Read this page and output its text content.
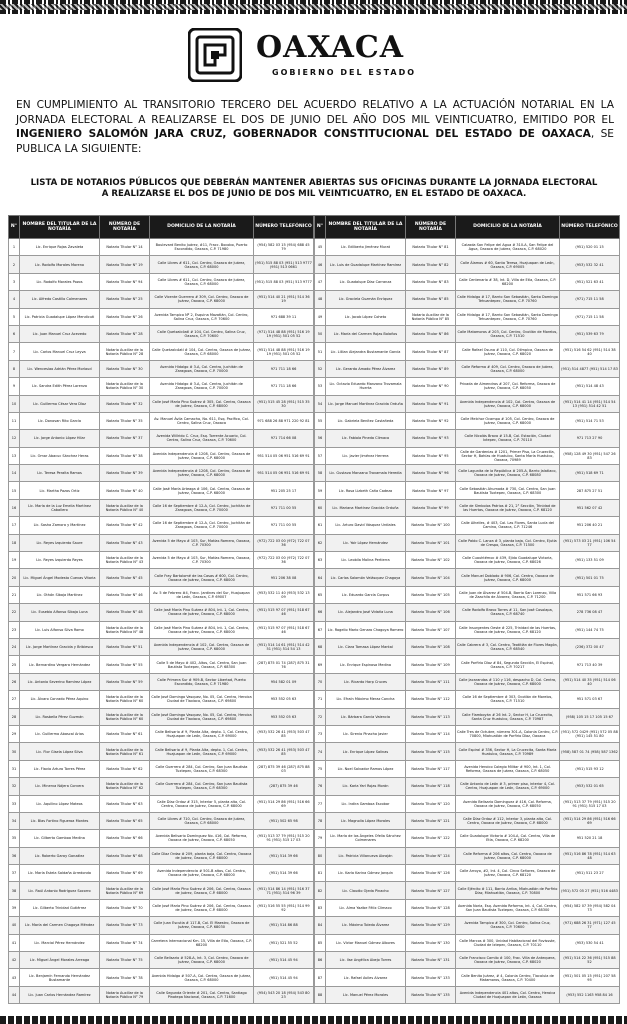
OAXACA
GOBIERNO DEL ESTADO
EN CUMPLIMIENTO AL TRANSITORIO TERCERO DEL ACUERDO RELATIVO A LA ACTUACIÓN NOTARIAL EN LA JORNADA ELECTORAL A REALIZARSE EL DOS DE JUNIO DEL AÑO DOS MIL VEINTICUATRO, EMITIDO POR EL INGENIERO SALOMÓN JARA CRUZ, GOBERNADOR CONSTITUCIONAL DEL ESTADO DE OAXACA, SE PUBLICA LA SIGUIENTE:
LISTA DE NOTARIOS PÚBLICOS QUE DEBERÁN MANTENER ABIERTAS SUS OFICINAS DURANTE LA JORNADA ELECTORAL A REALIZARSE EL DOS DE JUNIO DE DOS MIL VEINTICUATRO, EN EL ESTADO DE OAXACA.
N°	NOMBRE DEL TITULAR DE LA NOTARÍA	NÚMERO DE NOTARÍA	DOMICILIO DE LA NOTARÍA	NÚMERO TELEFÓNICO
1	Lic. Enrique Rojas Zavaleta	Notario Titular N° 14	Boulevard Benito Juárez, #11, Fracc. Bocobo, Puerto Escondido, Oaxaca, C.P. 71980	(954) 582 03 15 (954) 688 45 79
2	Lic. Rodolfo Morales Moreno	Notario Titular N° 19	Calle Libres # 611, Col. Centro, Oaxaca de Juárez, Oaxaca, C.P. 68000	(951) 515 88 03 (951) 513 9777 (951) 513 0661
3	Lic. Rodolfo Morales Pozos	Notario Titular N° 94	Calle Libres # 611, Col. Centro, Oaxaca de Juárez, Oaxaca, C.P. 68000	(951) 515 88 03 (951) 513 9777
4	Lic. Alfredo Castillo Colmenares	Notario Titular N° 25	Calle Vicente Guerrero # 309, Col. Centro, Oaxaca de Juárez, Oaxaca, C.P. 68000	(951) 514 40 21 (951) 514 36 19
5	Lic. Patricia Guadalupe López Mendicuti	Notario Titular N° 26	Avenida Tampico Nº 2, Esquina Mazatlán, Col. Centro, Salina Cruz, Oaxaca, C.P. 70600	971 688 39 11
6	Lic. Juan Manuel Cruz Acevedo	Notario Titular N° 28	Calle Quetzalcóatl # 104, Col. Centro, Salina Cruz, Oaxaca, C.P. 70600	(971) 514 48 88 (951) 516 19 19 (951) 501 05 52
7	Lic. Carlos Manuel Cruz Leyva	Notario Auxiliar de la Notaría Pública N° 28	Calle Quetzalcóatl # 104, Col. Centro, Oaxaca de Juárez, Oaxaca, C.P. 68000	(951) 514 48 88 (951) 516 19 19 (951) 501 05 52
8	Lic. Wenceslao Adrián Pérez Morlaud	Notario Titular N° 30	Avenida Hidalgo # 3-A, Col. Centro, Juchitán de Zaragoza, Oaxaca, C.P. 70000	971 711 18 66
9	Lic. Sandra Edith Pérez Lorenzo	Notario Auxiliar de la Notaría Pública N° 30	Avenida Hidalgo # 3-A, Col. Centro, Juchitán de Zaragoza, Oaxaca, C.P. 70000	971 711 18 66
10	Lic. Guillermo César Vera Díaz	Notario Titular N° 32	Calle José María Pino Suárez # 305, Col. Centro, Oaxaca de Juárez, Oaxaca, C.P. 68000	(951) 515 45 28 (951) 515 35 30
11	Lic. Donovan Rito García	Notario Titular N° 35	Av. Manuel Ávila Camacho, No. 611, Esq. Pacífico, Col. Centro, Salina Cruz, Oaxaca	971 688 26 88 971 220 92 81
12	Lic. Jorge Antonio López Hilar	Notario Titular N° 37	Avenida Willrido C. Cruz, Esq. Torrente Acuario, Col. Centro, Salina Cruz, Oaxaca, C.P. 70600	971 714 66 08
13	Lic. Omar Abacuc Sánchez Heras	Notario Titular N° 38	Avenida Independencia # 1208, Col. Centro, Oaxaca de Juárez, Oaxaca, C.P. 68000	951 514 05 06 951 516 69 91
14	Lic. Teresa Peralta Ramos	Notario Titular N° 39	Avenida Independencia # 1208, Col. Centro, Oaxaca de Juárez, Oaxaca, C.P. 68000	951 514 05 06 951 516 69 91
15	Lic. Martha Pazos Ortiz	Notario Titular N° 40	Calle José María Arteaga # 106, Col. Centro, Oaxaca de Juárez, Oaxaca, C.P. 68000	951 205 25 17
16	Lic. María de la Luz Emelia Martínez Caballero	Notario Auxiliar de la Notaría Pública N° 40	Calle 16 de Septiembre # 12-A, Col. Centro, Juchitán de Zaragoza, Oaxaca, C.P. 70000	971 711 00 55
17	Lic. Sasha Zamora y Martínez	Notario Titular N° 42	Calle 16 de Septiembre # 12-A, Col. Centro, Juchitán de Zaragoza, Oaxaca, C.P. 70000	971 711 00 55
18	Lic. Reyes Izquierdo Saure	Notario Titular N° 43	Avenida 5 de Mayo # 103, Sur, Matías Romero, Oaxaca, C.P. 70300	(972) 722 03 00 (972) 722 07 36
19	Lic. Reyes Izquierdo Reyes	Notario Auxiliar de la Notaría Pública N° 43	Avenida 5 de Mayo # 103, Sur, Matías Romero, Oaxaca, C.P. 70300	(972) 722 03 00 (972) 722 07 36
20	Lic. Miguel Ángel Modesto Cuevas Vitoria	Notario Titular N° 45	Calle Fray Bartolomé de las Casas # 600, Col. Centro, Oaxaca de Juárez, Oaxaca, C.P. 68000	951 206 38 08
21	Lic. Othón Sibaja Martínez	Notario Titular N° 46	Av. 5 de Febrero #4, Fracc. Jardines del Sur, Huajuapan de León, Oaxaca, C.P. 69007	(953) 532 11 40 (953) 532 13 09
22	Lic. Eusebio Alfonso Sibaja Luna	Notario Titular N° 48	Calle José María Pino Suárez # 804, Int. 1, Col. Centro, Oaxaca de Juárez, Oaxaca, C.P. 68000	(951) 515 97 07 (951) 518 67 46
23	Lic. Luis Alfonso Silva Romo	Notario Auxiliar de la Notaría Pública N° 48	Calle José María Pino Suárez # 804, Int. 1, Col. Centro, Oaxaca de Juárez, Oaxaca, C.P. 68000	(951) 515 97 07 (951) 518 67 46
24	Lic. Jorge Martínez Gracida y Bribiesca	Notario Titular N° 51	Avenida Independencia # 102, Col. Centro, Oaxaca de Juárez, Oaxaca, C.P. 68000	(951) 514 14 61 (951) 514 42 51 (951) 514 54 13
25	Lic. Bernardino Vergara Hernández	Notario Titular N° 55	Calle 5 de Mayo # 402, Altos, Col. Centro, San Juan Bautista Tuxtepec, Oaxaca, C.P. 68300	(287) 875 01 74 (287) 875 31 76
26	Lic. Antonio Severino Ramírez López	Notario Titular N° 59	Calle Primera Sur # 909-B, Sector Libertad, Puerto Escondido, Oaxaca, C.P. 71980	954 582 01 09
27	Lic. Álvaro Conrado Pérez Aquino	Notario Auxiliar de la Notaría Pública N° 60	Calle José Domingo Vasquez, No. 05, Col. Centro, Heroica Ciudad de Tlaxiaco, Oaxaca, C.P. 69800	953 552 05 63
28	Lic. Rosbella Pérez Guzmán	Notario Auxiliar de la Notaría Pública N° 60	Calle José Domingo Vasquez, No. 05, Col. Centro, Heroica Ciudad de Tlaxiaco, Oaxaca, C.P. 69800	953 552 05 63
29	Lic. Guillermo Abascal Arias	Notario Titular N° 61	Calle Belisario # 9, Planta Alta, depto. 1, Col. Centro, Huajuapan de León, Oaxaca, C.P. 69000	(953) 532 26 41 (953) 503 47 85
30	Lic. Flor Gisela López Silva	Notario Auxiliar de la Notaría Pública N° 61	Calle Belisario # 9, Planta Alta, depto. 1, Col. Centro, Huajuapan de León, Oaxaca, C.P. 69000	(953) 532 26 41 (953) 503 47 85
31	Lic. Flavio Arturo Torres Pérez	Notario Titular N° 62	Calle Guerrero # 284, Col. Centro, San Juan Bautista Tuxtepec, Oaxaca, C.P. 68300	(287) 875 39 46 (287) 875 88 03
32	Lic. Minerva Nájera Corvera	Notario Auxiliar de la Notaría Pública N° 62	Calle Guerrero # 284, Col. Centro, San Juan Bautista Tuxtepec, Oaxaca, C.P. 68300	(287) 875 39 46
33	Lic. Aquilino López Mateos	Notario Titular N° 63	Calle Díaz Ordaz # 315, Interior 5, planta alta, Col. Centro, Oaxaca de Juárez, Oaxaca, C.P. 68000	(951) 514 29 86 (951) 516 66 69
34	Lic. Blas Fortino Figueroa Montes	Notario Titular N° 65	Calle Libres # 710, Col. Centro, Oaxaca de Juárez, Oaxaca, C.P. 68000	(951) 502 65 98
35	Lic. Gilberto Gamboa Medina	Notario Titular N° 66	Avenida Belisario Domínguez No. 416, Col. Reforma, Oaxaca de Juárez, Oaxaca, C.P. 68050	(951) 513 37 79 (951) 515 20 91 (951) 515 17 03
36	Lic. Roberto Garay González	Notario Titular N° 68	Calle Díaz Ordaz # 209, planta baja, Col. Centro, Oaxaca de Juárez, Oaxaca, C.P. 68000	(951) 514 39 66
37	Lic. María Estela Saldaña Arredondo	Notario Titular N° 69	Avenida Independencia # 501-B altos, Col. Centro, Oaxaca de Juárez, Oaxaca, C.P. 68000	(951) 514 39 66
38	Lic. Raúl Antonio Rodríguez Socorro	Notario Auxiliar de la Notaría Pública N° 69	Calle José María Pino Suárez # 206, Col. Centro, Oaxaca de Juárez, Oaxaca, C.P. 68000	(951) 514 86 14 (951) 516 37 71 (951) 514 96 39
39	Lic. Gilberto Trinidad Gutiérrez	Notario Titular N° 70	Calle José María Pino Suárez # 206, Col. Centro, Oaxaca de Juárez, Oaxaca, C.P. 68000	(951) 516 55 55 (951) 514 99 92
40	Lic. María del Carmen Chagoya Méndez	Notario Titular N° 73	Calle Juan Escutia # 117-B, Col. El Maestro, Oaxaca de Juárez, Oaxaca, C.P. 68030	(951) 514 86 88
41	Lic. Marcial Pérez Hernández	Notario Titular N° 74	Carretera Internacional Km. 15, Villa de Etla, Oaxaca, C.P. 68200	(951) 521 55 52
42	Lic. Miguel Ángel Morales Arreaga	Notario Titular N° 75	Calle Belisario # 528-A, Int. 3, Col. Centro, Oaxaca de Juárez, Oaxaca, C.P. 68000	(951) 514 45 94
43	Lic. Benjamín Fernando Hernández Bustamante	Notario Titular N° 78	Avenida Hidalgo # 507-A, Col. Centro, Oaxaca de Juárez, Oaxaca, C.P. 68000	(951) 514 45 94
44	Lic. Juan Carlos Hernández Ramírez	Notario Auxiliar de la Notaría Pública N° 79	Calle Segunda Oriente # 201, Col. Centro, Santiago Pinotepa Nacional, Oaxaca, C.P. 71600	(954) 543 20 18 (954) 543 80 23
N°	NOMBRE DEL TITULAR DE LA NOTARÍA	NÚMERO DE NOTARÍA	DOMICILIO DE LA NOTARÍA	NÚMERO TELEFÓNICO
45	Lic. Edilberto Jiménez Murat	Notario Titular N° 81	Calzada San Felipe del Agua # 310-A, San Felipe del Agua, Oaxaca de Juárez, Oaxaca, C.P. 68020	(951) 520 01 15
46	Lic. Luis de Guadalupe Martínez Ramírez	Notario Titular N° 82	Calle Álamos # 60, Santa Teresa, Huajuapan de León, Oaxaca, C.P. 69005	(953) 532 32 41
47	Lic. Guadalupe Díaz Carranza	Notario Titular N° 83	Calle Centenario # 38, Int. D, Villa de Etla, Oaxaca, C.P. 68200	(951) 521 63 41
48	Lic. Graciela Guzmán Enríquez	Notario Titular N° 85	Calle Hidalgo # 17, Barrio San Sebastián, Santo Domingo Tehuantepec, Oaxaca, C.P. 70760	(971) 715 11 58
49	Lic. Jacob López Coheto	Notario Auxiliar de la Notaría Pública N° 85	Calle Hidalgo # 17, Barrio San Sebastián, Santo Domingo Tehuantepec, Oaxaca, C.P. 70760	(971) 715 11 58
50	Lic. María del Carmen Rojas Bolaños	Notario Titular N° 86	Calle Matamoros # 203, Col. Centro, Ocotlán de Morelos, Oaxaca, C.P. 71510	(951) 539 63 79
51	Lic. Lillian Alejandra Bustamante García	Notario Titular N° 87	Calle Rafael Osuna # 110, Col. Olímpica, Oaxaca de Juárez, Oaxaca, C.P. 68020	(951) 516 54 62 (951) 514 38 40
52	Lic. Gerardo Amado Pérez Álvarez	Notario Titular N° 89	Calle Reforma # 409, Col. Centro, Oaxaca de Juárez, Oaxaca, C.P. 68000	(951) 514 4877 (951) 514 17 83
53	Lic. Octavio Eduardo Manzano Trovamala Huerta	Notario Titular N° 90	Privada de Almendros # 207, Col. Reforma, Oaxaca de Juárez, Oaxaca, C.P. 68050	(951) 514 48 43
54	Lic. Jorge Manuel Martínez Gracida Orduña	Notario Titular N° 91	Avenida Independencia # 102, Col. Centro, Oaxaca de Juárez, Oaxaca, C.P. 68000	(951) 514 41 14 (951) 514 54 13 (951) 514 42 51
55	Lic. Gabriela Benítez Castañeda	Notario Titular N° 92	Calle Melchor Ocampo # 105, Col. Centro, Oaxaca de Juárez, Oaxaca, C.P. 68000	(951) 514 71 53
56	Lic. Fabiola Pineda Climaco	Notario Titular N° 93	Calle Nicolás Bravo # 15-B, Col. Estación, Ciudad Ixtepec, Oaxaca, C.P. 70110	971 713 27 90
57	Lic. Javier Jiménez Herrera	Notario Titular N° 95	Calle de Gardenias # 1201, Primer Piso, La Cruzecilla, Sector H, Bahías de Huatulco, Santa María Huatulco, Oaxaca, 70989	(958) 128 49 30 (951) 547 26 83
58	Lic. Gustavo Manzano Trovamala Heredia	Notario Titular N° 96	Calle Lagunita de la República # 205-A, Barrio Jalatlaco, Oaxaca de Juárez, Oaxaca, C.P. 68080	(951) 518 69 71
59	Lic. Rosa Lizbeth Caña Cadeza	Notario Titular N° 97	Calle Sebastián Ahumada # 730, Col. Centro, San Juan Bautista Tuxtepec, Oaxaca, C.P. 68300	287 875 27 51
60	Lic. Mariana Martínez Gracida Orduña	Notario Titular N° 99	Calle de Símbolos Patrios # 21, 2° Sección, Trinidad de las Huertas, Oaxaca de Juárez, Oaxaca, C.P. 68120	951 562 07 42
61	Lic. Arturo David Vásquez Urdiales	Notario Titular N° 100	Calle Alhelíes, # 403, Col. Las Flores, Santa Lucía del Camino, Oaxaca, C.P. 71246	951 206 40 21
62	Lic. Yair López Hernández	Notario Titular N° 101	Calle Pablo C. Lanza # 3, planta baja, Col. Centro, Ejutla de Crespo, Oaxaca, C.P. 71500	(951) 573 03 21 (951) 106 54 77
63	Lic. Leobila Molina Pertierra	Notario Titular N° 102	Calle Cuauhtémoc # 439, Ejido Guadalupe Victoria, Oaxaca de Juárez, Oaxaca, C.P. 68026	(951) 133 51 09
64	Lic. Carlos Salomón Velásquez Chagoya	Notario Titular N° 104	Calle Manuel Doblado # 906, Col. Centro, Oaxaca de Juárez, Oaxaca, C.P. 68000	(951) 501 01 75
65	Lic. Eduardo García Corpus	Notario Titular N° 105	Calle Juan de Álvarez # 504-B, Barrio San Lorenzo, Villa de Zaachila de Álvarez, Oaxaca, C.P. 71200	951 571 66 93
66	Lic. Alejandro José Vidaña Luna	Notario Titular N° 106	Calle Rodolfo Bravo Torres # 11, San José Cosolapa, Oaxaca, C.P. 68740	278 736 08 47
67	Lic. Rogelio Mario Genaro Chagoya Romero	Notario Titular N° 107	Calle Insurgentes Oeste # 225, Trinidad de las Huertas, Oaxaca de Juárez, Oaxaca, C.P. 68120	(951) 144 74 75
68	Lic. Clara Tomasa López Mantal	Notario Titular N° 108	Calle Cabrera # 3, Col. Centro, Teotitlán de Flores Magón, Oaxaca, C.P. 68540	(236) 372 00 47
69	Lic. Enrique Espinosa Medina	Notario Titular N° 109	Calle Porfirio Díaz # 84, Segunda Sección, El Espinal, Oaxaca, C.P. 70217	971 713 40 39
70	Lic. Ricardo Harp Cruces	Notario Titular N° 111	Calle Jacarandas # 110 y 116, despacho D, Col. Centro, Oaxaca de Juárez, Oaxaca, C.P. 68000	(951) 514 40 35 (951) 514 06 40
71	Lic. Efraín Máximo Meraz Concha	Notario Titular N° 112	Calle 16 de Septiembre # 303, Ocotlán de Morelos, Oaxaca, C.P. 71510	951 571 03 67
72	Lic. Bárbara García Valencia	Notario Titular N° 113	Calle Flamboyán # 26 Int. 2, Sector H, La Crucecita, Santa Cruz Huatulco, Oaxaca, C.P. 70987	(958) 105 15 17 105 15 67
73	Lic. Sirenio Pinacho Javier	Notario Titular N° 114	Calle Tres de Octubre, número 301-A, Colonia Centro, C.P. 70800, Miahuatlán de Porfirio Díaz, Oaxaca	(951) 572 0429 (951) 572 05 88 (951) 145 51 80
74	Lic. Enrique López Salinas	Notario Titular N° 115	Calle Espiral # 336, Sector H, La Crucecita, Santa María Huatulco, Oaxaca, C.P. 70989	(958) 587 01 74 (958) 587 1362
75	Lic. Noel Salvador Ramos López	Notario Titular N° 117	Avenida Heroico Colegio Militar # 900, Int. 1, Col. Reforma, Oaxaca de Juárez, Oaxaca, C.P. 68050	(951) 515 93 12
76	Lic. Karla Yarí Rojas Morán	Notario Titular N° 118	Calle Antonio de León # 3, primer piso, interior 4, Col. Centro, Huajuapan de León, Oaxaca, C.P. 69000	(953) 532 01 65
77	Lic. Indira Gamboa Escobar	Notario Titular N° 120	Avenida Belisario Domínguez # 416, Col. Reforma, Oaxaca de Juárez, Oaxaca, C.P. 68050	(951) 513 37 79 (951) 515 20 91 (951) 515 17 03
78	Lic. Magnolia López Morales	Notario Titular N° 121	Calle Díaz Ordaz # 112, Interior 3, planta alta, Col. Centro, Oaxaca de Juárez, Oaxaca, C.P. 68000	(951) 514 29 86 (951) 516 66 69
79	Lic. María de los Ángeles Ofelia Sánchez Colmenares	Notario Titular N° 122	Calle Guadalupe Victoria # 104-A, Col. Centro, Villa de Etla, Oaxaca, C.P. 68200	951 520 21 18
80	Lic. Patricia Villanueva Abraján	Notario Titular N° 124	Calle Reforma # 206 altos, Col. Centro, Oaxaca de Juárez, Oaxaca, C.P. 68000	(951) 516 86 78 (951) 514 63 48
81	Lic. Karla Karina Gómez Jarquín	Notario Titular N° 126	Calle Arroyo, #2, Int. 4, Col. Cinco Señores, Oaxaca de Juárez, Oaxaca, C.P. 68120	(951) 511 23 27
82	Lic. Claudio Ojeda Pinacho	Notario Titular N° 127	Calle Ejército # 111, Barrio Arriba, Miahuatlán de Porfirio Díaz, Miahuatlán, Oaxaca, C.P. 70800	(951) 572 05 27 (951) 516 4483
83	Lic. Alma Yazibe Félix Climaco	Notario Titular N° 128	Avenida Noria, Esq. Avenida Reforma, Int. 4, Col. Centro, San Juan Bautista Tuxtepec, Oaxaca, C.P. 68300	(954) 582 07 39 (954) 582 04 73
84	Lic. Máximo Toledo Álvarez	Notario Titular N° 129	Avenida Tampico # 300, Col. Centro, Salina Cruz, Oaxaca, C.P. 70600	(971) 688 26 31 (971) 127 45 77
85	Lic. Víctor Manuel Gómez Albores	Notario Titular N° 130	Calle Marcos # 300, Unidad Habitacional del Fovissste, Ciudad de Ixtepec, Oaxaca, C.P. 70110	(953) 530 54 41
86	Lic. Ilse Angélica Abejo Torres	Notario Titular N° 131	Calle Francisco Camilo # 100, Frac. Villa de Antequera, Oaxaca de Juárez, Oaxaca, C.P. 68020	(951) 514 22 36 (951) 515 88 52
87	Lic. Rafael Aviles Alvarez	Notario Titular N° 133	Calle Benito Juárez, # 4, Colonia Centro, Tlacolula de Matamoros, Oaxaca, C.P. 70400	(951) 501 05 15 (951) 207 58 95
88	Lic. Manuel Pérez Morales	Notario Titular N° 135	Avenida Independencia 401 altos, Col. Centro, Heroica Ciudad de Huajuapan de León, Oaxaca	(953) 552 1163 958 84 16
